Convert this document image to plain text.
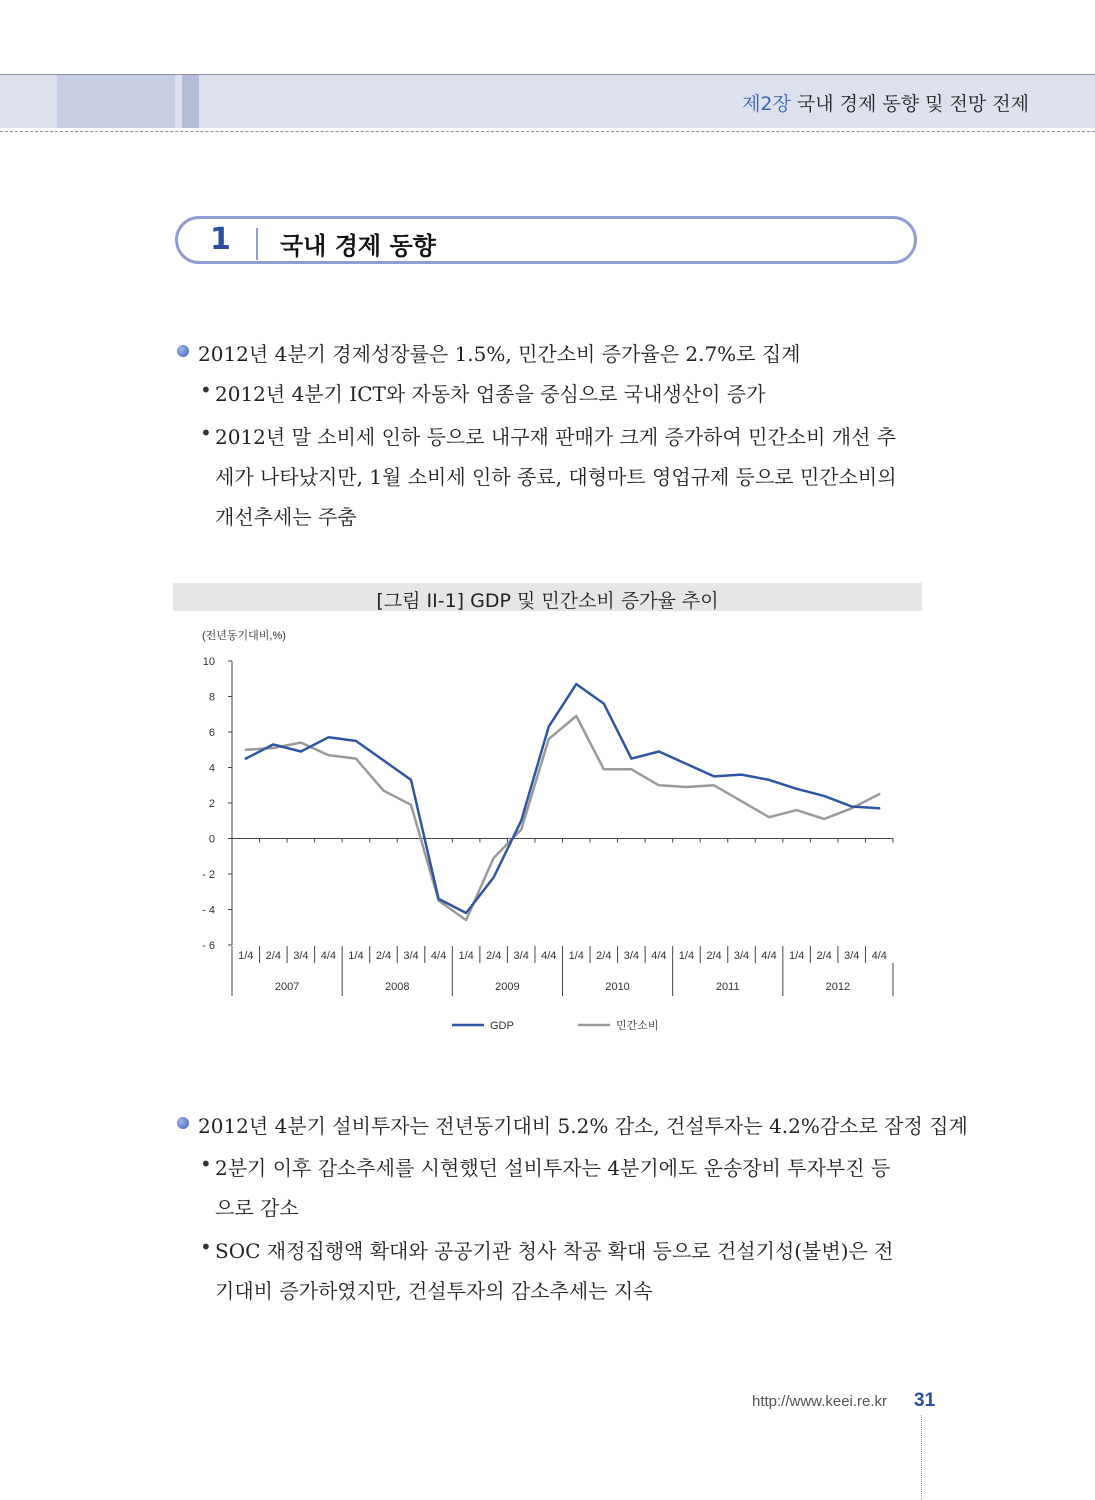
제2장 국내 경제 동향 및 전망 전제
1 국내 경제 동향
2012년 4분기 경제성장률은 1.5%, 민간소비 증가율은 2.7%로 집계
• 2012년 4분기 ICT와 자동차 업종을 중심으로 국내생산이 증가
• 2012년 말 소비세 인하 등으로 내구재 판매가 크게 증가하여 민간소비 개선 추
세가 나타났지만, 1월 소비세 인하 종료, 대형마트 영업규제 등으로 민간소비의
개선추세는 주춤
[그림 II-1] GDP 및 민간소비 증가율 추이
(전년동기대비,%)
10
8
6
4
2
0
- 2
- 4
- 6
1/4 2/4 3/4 4/4 1/4 2/4 3/4 4/4 1/4 2/4 3/4 4/4 1/4 2/4 3/4 4/4 1/4 2/4 3/4 4/4 1/4 2/4 3/4 4/4
2007	2008	2009	2010	2011	2012
GDP	민간소비
2012년 4분기 설비투자는 전년동기대비 5.2% 감소, 건설투자는 4.2%감소로 잠정 집계
• 2분기 이후 감소추세를 시현했던 설비투자는 4분기에도 운송장비 투자부진 등
으로 감소
• SOC 재정집행액 확대와 공공기관 청사 착공 확대 등으로 건설기성(불변)은 전
기대비 증가하였지만, 건설투자의 감소추세는 지속
http://www.keei.re.kr 31
